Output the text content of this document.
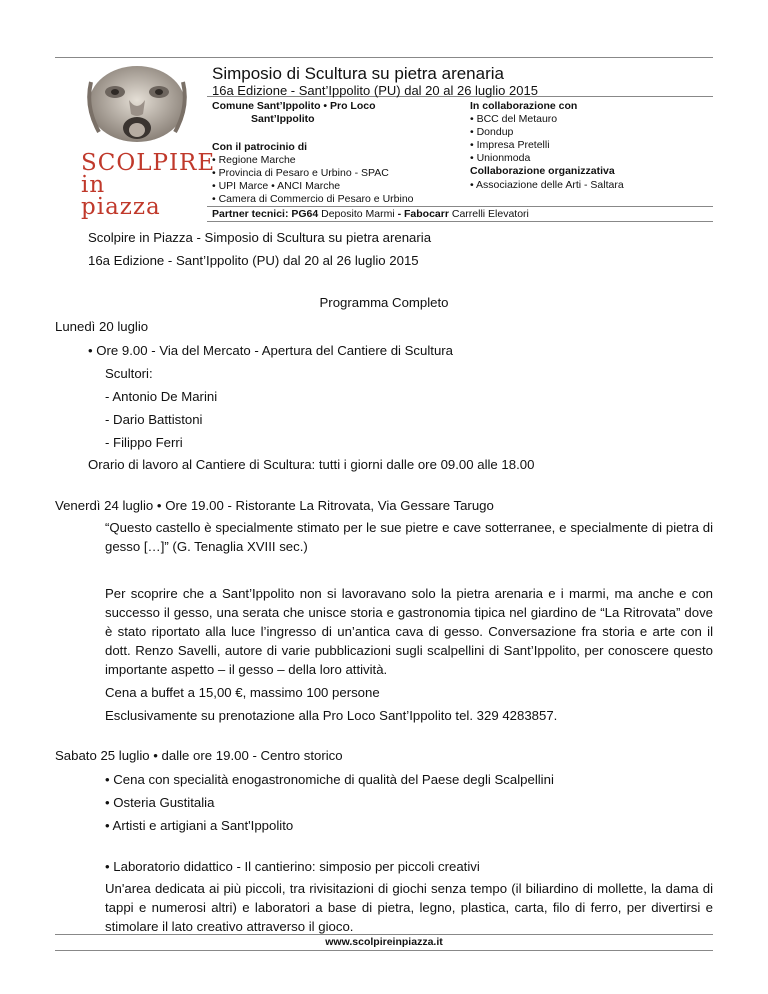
SCOLPIRE
in piazza
Simposio di Scultura su pietra arenaria
16a Edizione - Sant’Ippolito (PU) dal 20 al 26 luglio 2015
Comune Sant’Ippolito • Pro Loco
Sant’Ippolito
Con il patrocinio di
• Regione Marche
• Provincia di Pesaro e Urbino - SPAC
• UPI Marce • ANCI Marche
• Camera di Commercio di Pesaro e Urbino
In collaborazione con
• BCC del Metauro
• Dondup
• Impresa Pretelli
• Unionmoda
Collaborazione organizzativa
• Associazione delle Arti - Saltara
Partner tecnici: PG64 Deposito Marmi - Fabocarr Carrelli Elevatori
Scolpire in Piazza - Simposio di Scultura su pietra arenaria
16a Edizione - Sant’Ippolito (PU) dal 20 al 26 luglio 2015
Programma Completo
Lunedì 20 luglio
• Ore 9.00 - Via del Mercato - Apertura del Cantiere di Scultura
Scultori:
- Antonio De Marini
- Dario Battistoni
- Filippo Ferri
Orario di lavoro al Cantiere di Scultura: tutti i giorni dalle ore 09.00 alle 18.00
Venerdì 24 luglio • Ore 19.00 - Ristorante La Ritrovata, Via Gessare Tarugo
“Questo castello è specialmente stimato per le sue pietre e cave sotterranee, e specialmente di pietra di gesso […]” (G. Tenaglia XVIII sec.)
Per scoprire che a Sant’Ippolito non si lavoravano solo la pietra arenaria e i marmi, ma anche e con successo il gesso, una serata che unisce storia e gastronomia tipica nel giardino de “La Ritrovata” dove è stato riportato alla luce l’ingresso di un’antica cava di gesso. Conversazione fra storia e arte con il dott. Renzo Savelli, autore di varie pubblicazioni sugli scalpellini di Sant’Ippolito, per conoscere questo importante aspetto – il gesso – della loro attività.
Cena a buffet a 15,00 €, massimo 100 persone
Esclusivamente su prenotazione alla Pro Loco Sant’Ippolito tel. 329 4283857.
Sabato 25 luglio • dalle ore 19.00 - Centro storico
• Cena con specialità enogastronomiche di qualità del Paese degli Scalpellini
• Osteria Gustitalia
• Artisti e artigiani a Sant'Ippolito
• Laboratorio didattico - Il cantierino: simposio per piccoli creativi
Un'area dedicata ai più piccoli, tra rivisitazioni di giochi senza tempo (il biliardino di mollette, la dama di tappi e numerosi altri) e laboratori a base di pietra, legno, plastica, carta, filo di ferro, per divertirsi e stimolare il lato creativo attraverso il gioco.
www.scolpireinpiazza.it
